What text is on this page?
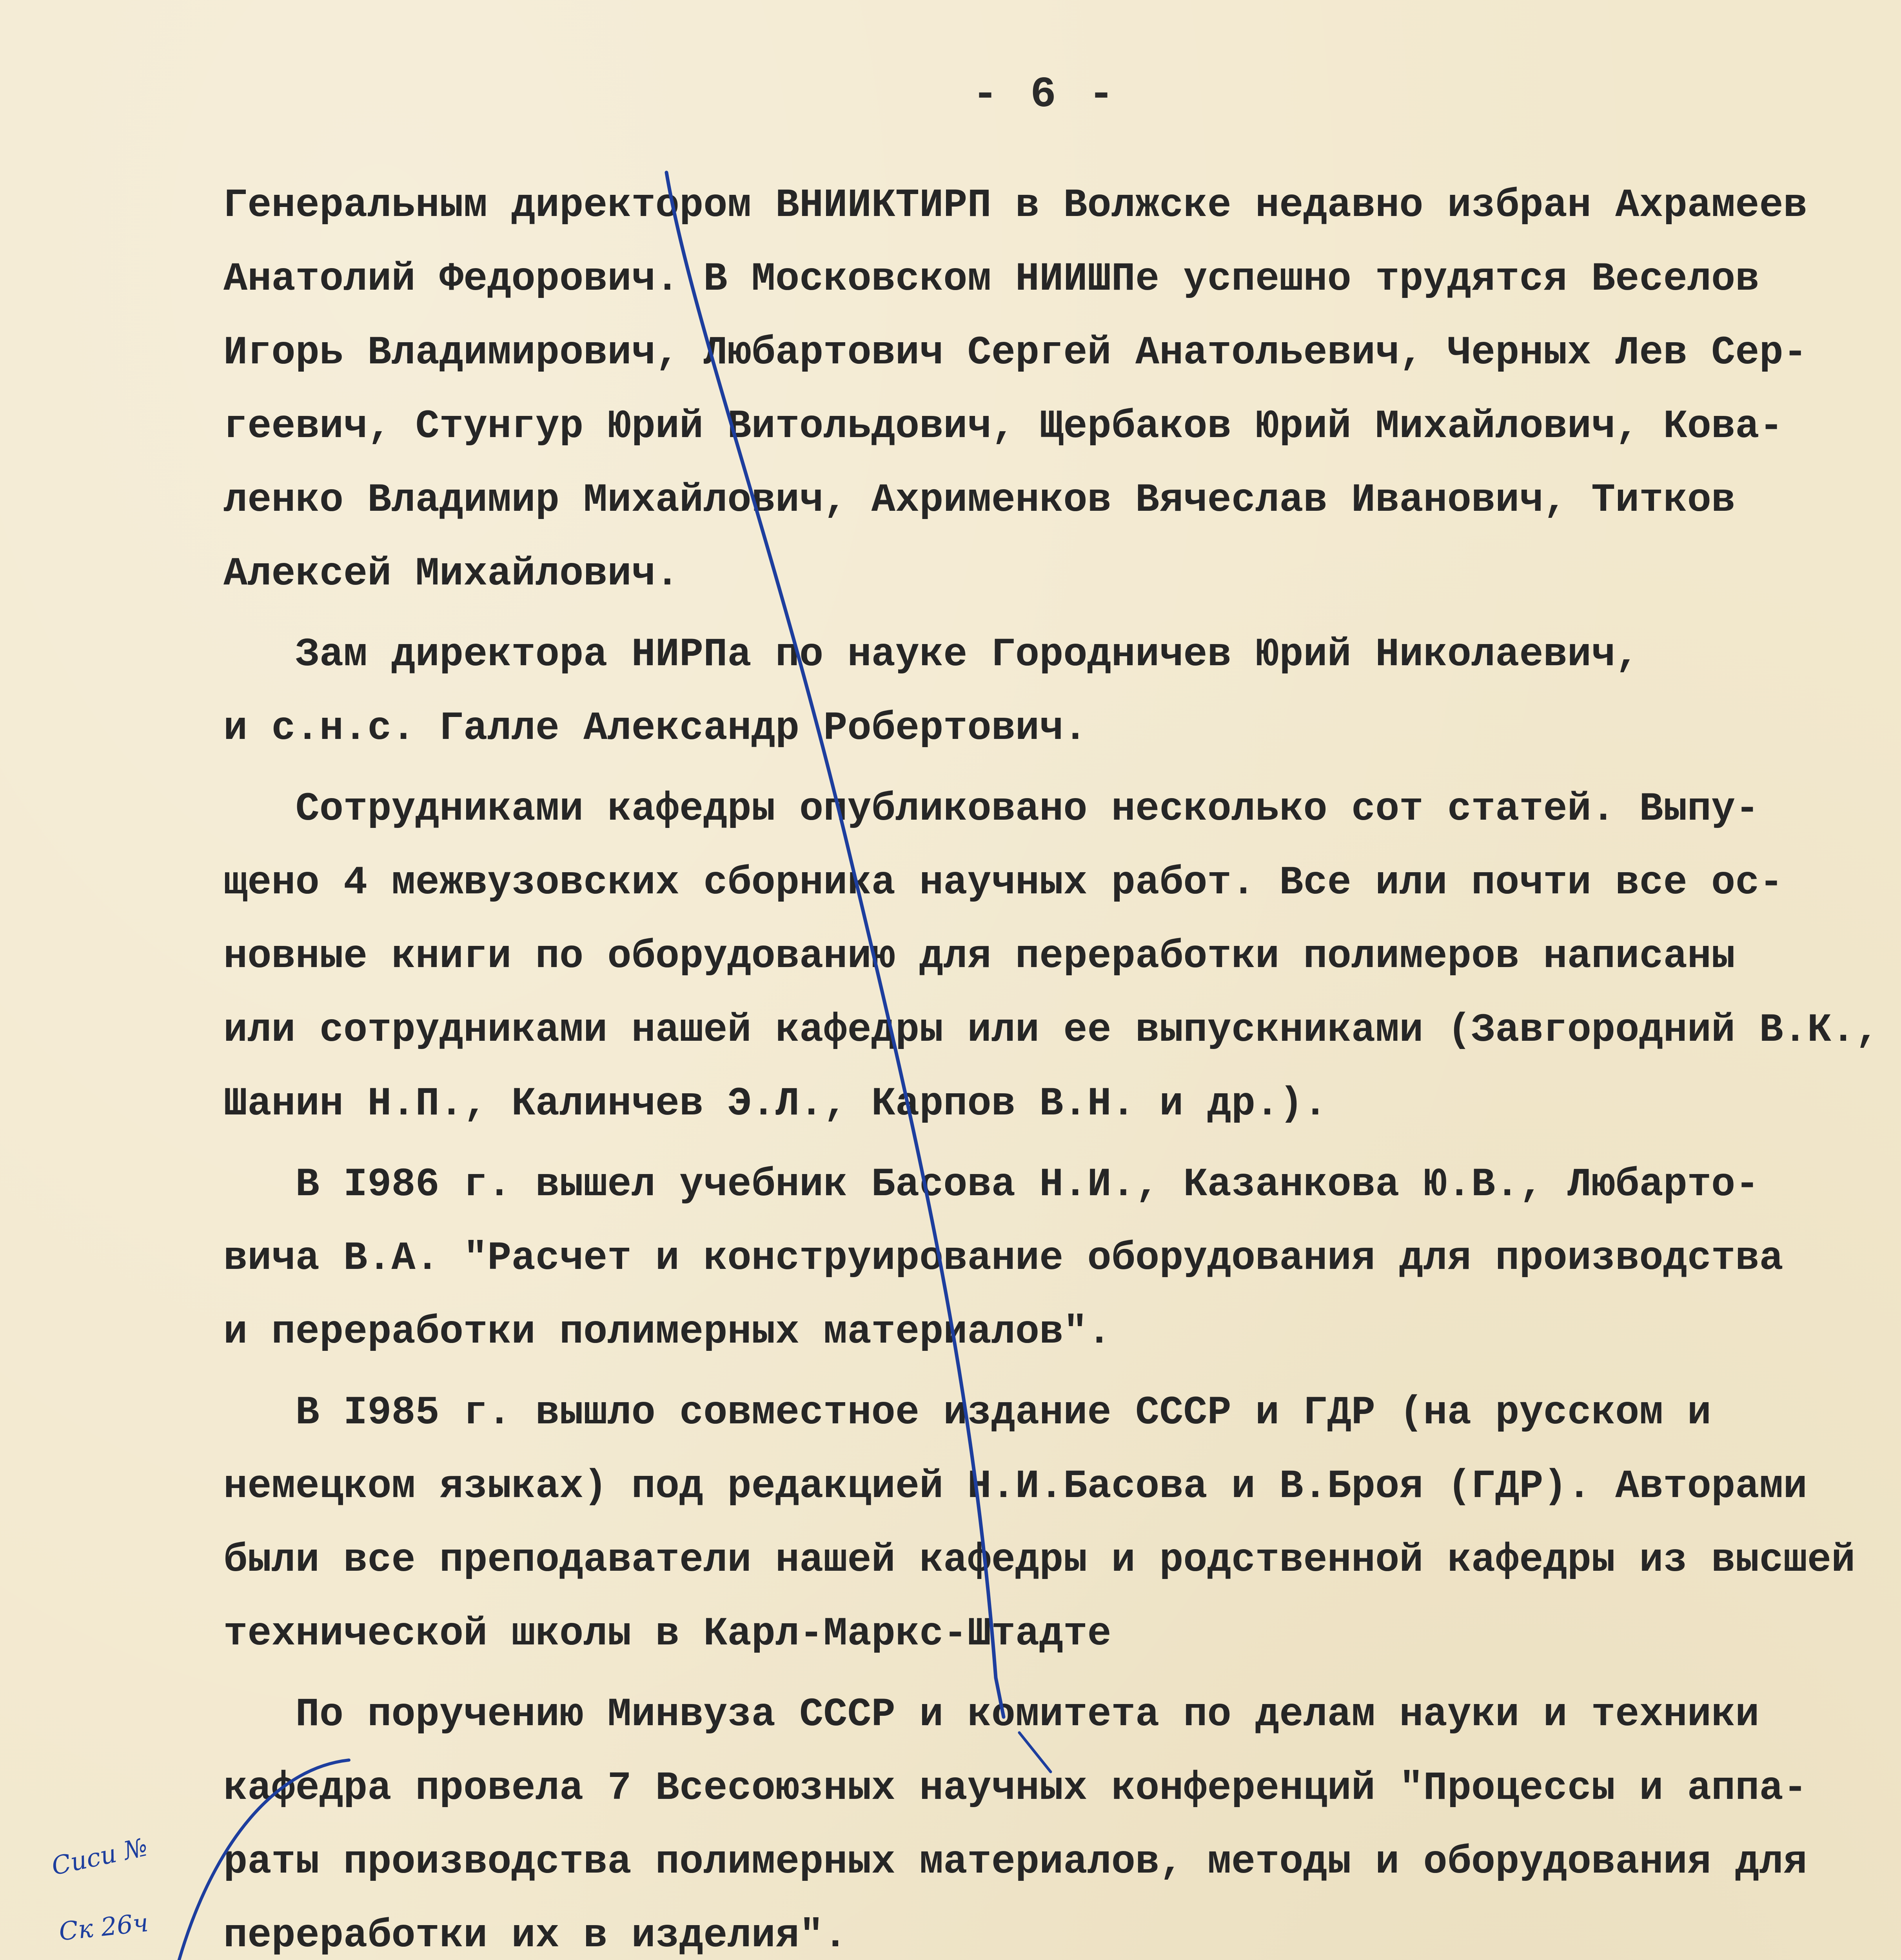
- 6 -
Генеральным директором ВНИИКТИРП в Волжске недавно избран Ахрамеев
Анатолий Федорович. В Московском НИИШПе успешно трудятся Веселов
Игорь Владимирович, Любартович Сергей Анатольевич, Черных Лев Сер-
геевич, Стунгур Юрий Витольдович, Щербаков Юрий Михайлович, Кова-
ленко Владимир Михайлович, Ахрименков Вячеслав Иванович, Титков
Алексей Михайлович.
Зам директора НИРПа по науке Городничев Юрий Николаевич,
и с.н.с. Галле Александр Робертович.
Сотрудниками кафедры опубликовано несколько сот статей. Выпу-
щено 4 межвузовских сборника научных работ. Все или почти все ос-
новные книги по оборудованию для переработки полимеров написаны
или сотрудниками нашей кафедры или ее выпускниками (Завгородний В.К.,
Шанин Н.П., Калинчев Э.Л., Карпов В.Н. и др.).
В I986 г. вышел учебник Басова Н.И., Казанкова Ю.В., Любарто-
вича В.А. "Расчет и конструирование оборудования для производства
и переработки полимерных материалов".
В I985 г. вышло совместное издание СССР и ГДР (на русском и
немецком языках) под редакцией Н.И.Басова и В.Броя (ГДР). Авторами
были все преподаватели нашей кафедры и родственной кафедры из высшей
технической школы в Карл-Маркс-Штадте
По поручению Минвуза СССР и комитета по делам науки и техники
кафедра провела 7 Всесоюзных научных конференций "Процессы и аппа-
раты производства полимерных материалов, методы и оборудования для
переработки их в изделия".
Сиси №
Ск 26ч
